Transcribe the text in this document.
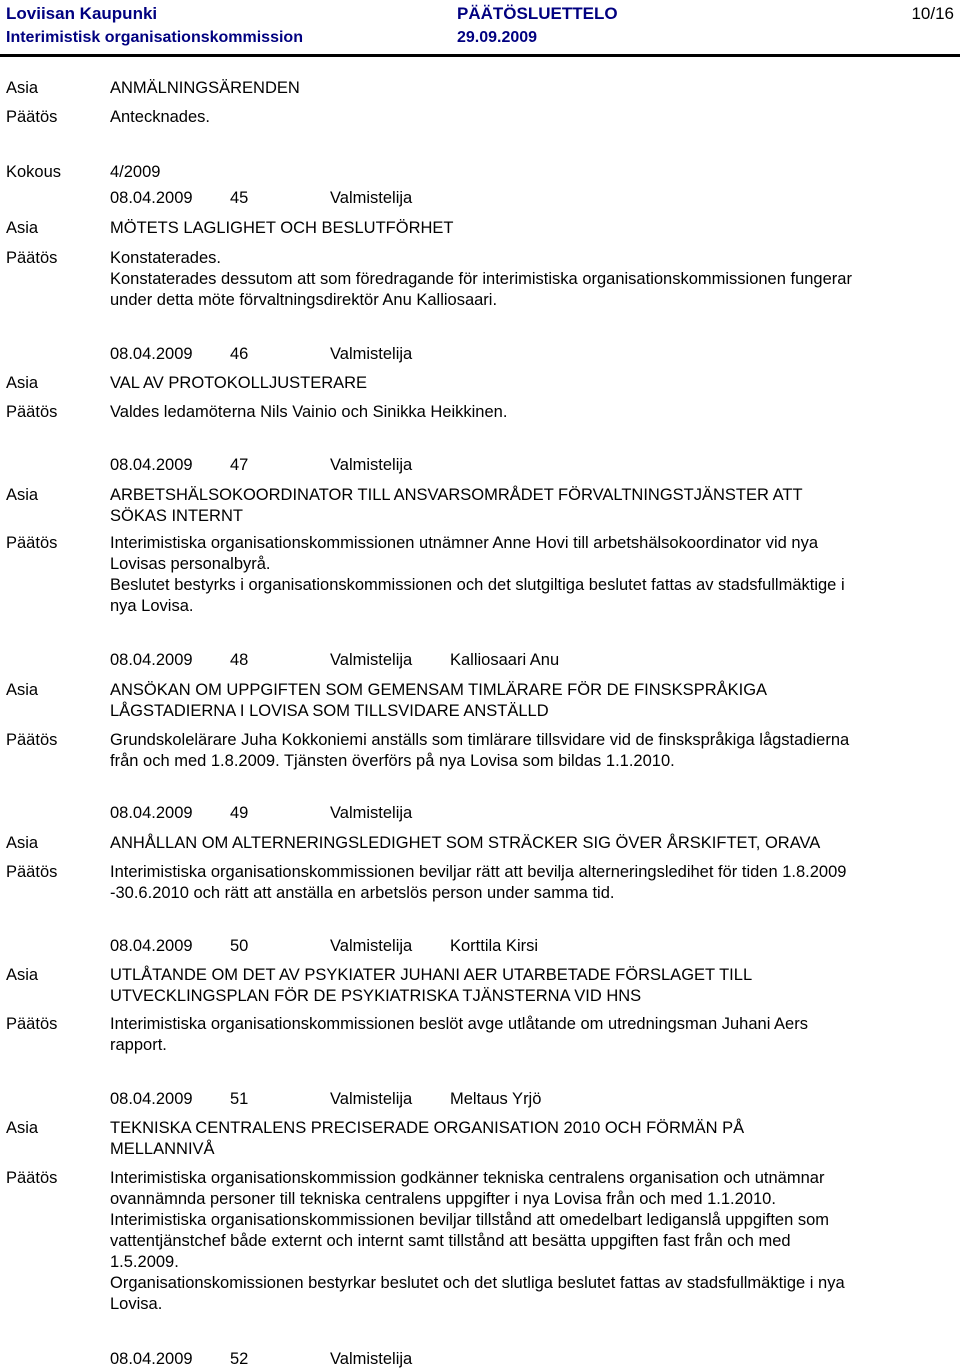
Loviisan Kaupunki	PÄÄTÖSLUETTELO	10/16
Interimistisk organisationskommission	29.09.2009
Asia	ANMÄLNINGSÄRENDEN
Päätös	Antecknades.
Kokous	4/2009
08.04.2009 45	Valmistelija
Asia	MÖTETS LAGLIGHET OCH BESLUTFÖRHET
Päätös	Konstaterades.
Konstaterades dessutom att som föredragande för interimistiska organisationskommissionen fungerar
under detta möte förvaltningsdirektör Anu Kalliosaari.
08.04.2009 46	Valmistelija
Asia	VAL AV PROTOKOLLJUSTERARE
Päätös	Valdes ledamöterna Nils Vainio och Sinikka Heikkinen.
08.04.2009 47	Valmistelija
Asia	ARBETSHÄLSOKOORDINATOR TILL ANSVARSOMRÅDET FÖRVALTNINGSTJÄNSTER ATT
SÖKAS INTERNT
Päätös	Interimistiska organisationskommissionen utnämner Anne Hovi till arbetshälsokoordinator vid nya
Lovisas personalbyrå.
Beslutet bestyrks i organisationskommissionen och det slutgiltiga beslutet fattas av stadsfullmäktige i
nya Lovisa.
08.04.2009 48	Valmistelija Kalliosaari Anu
Asia	ANSÖKAN OM UPPGIFTEN SOM GEMENSAM TIMLÄRARE FÖR DE FINSKSPRÅKIGA
LÅGSTADIERNA I LOVISA SOM TILLSVIDARE ANSTÄLLD
Päätös	Grundskolelärare Juha Kokkoniemi anställs som timlärare tillsvidare vid de finskspråkiga lågstadierna
från och med 1.8.2009. Tjänsten överförs på nya Lovisa som bildas 1.1.2010.
08.04.2009 49	Valmistelija
Asia	ANHÅLLAN OM ALTERNERINGSLEDIGHET SOM STRÄCKER SIG ÖVER ÅRSKIFTET, ORAVA
Päätös	Interimistiska organisationskommissionen beviljar rätt att bevilja alterneringsledihet för tiden 1.8.2009
-30.6.2010 och rätt att anställa en arbetslös person under samma tid.
08.04.2009 50	Valmistelija Korttila Kirsi
Asia	UTLÅTANDE OM DET AV PSYKIATER JUHANI AER UTARBETADE FÖRSLAGET TILL
UTVECKLINGSPLAN FÖR DE PSYKIATRISKA TJÄNSTERNA VID HNS
Päätös	Interimistiska organisationskommissionen beslöt avge utlåtande om utredningsman Juhani Aers
rapport.
08.04.2009 51	Valmistelija Meltaus Yrjö
Asia	TEKNISKA CENTRALENS PRECISERADE ORGANISATION 2010 OCH FÖRMÄN PÅ
MELLANNIVÅ
Päätös	Interimistiska organisationskommission godkänner tekniska centralens organisation och utnämnar
ovannämnda personer till tekniska centralens uppgifter i nya Lovisa från och med 1.1.2010.
Interimistiska organisationskommissionen beviljar tillstånd att omedelbart lediganslå uppgiften som
vattentjänstchef både externt och internt samt tillstånd att besätta uppgiften fast från och med
1.5.2009.
Organisationskomissionen bestyrkar beslutet och det slutliga beslutet fattas av stadsfullmäktige i nya
Lovisa.
08.04.2009 52	Valmistelija
